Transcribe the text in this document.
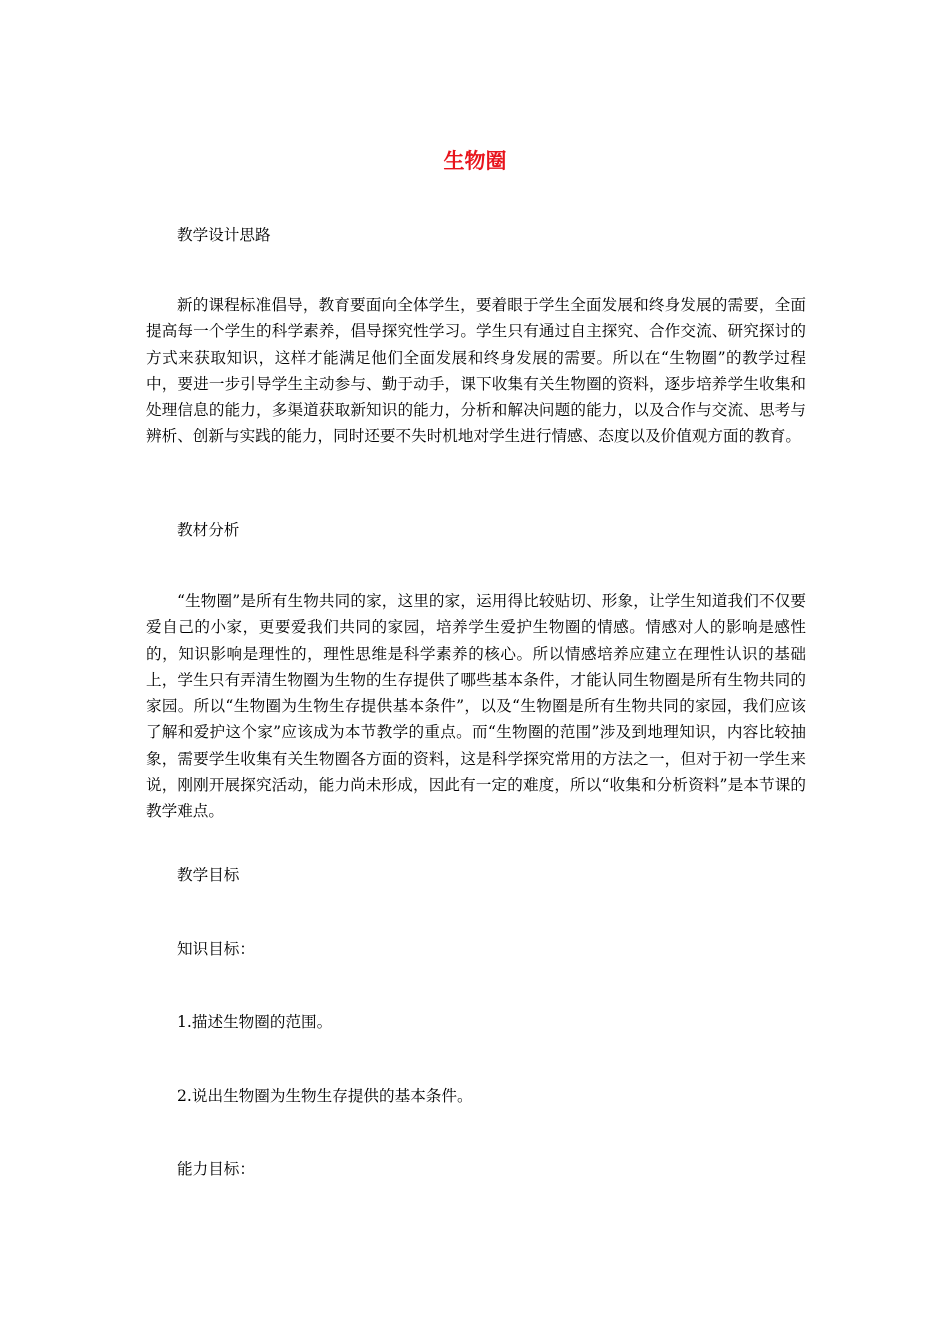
生物圈
教学设计思路
新的课程标准倡导，教育要面向全体学生，要着眼于学生全面发展和终身发展的需要，全面提高每一个学生的科学素养，倡导探究性学习。学生只有通过自主探究、合作交流、研究探讨的方式来获取知识，这样才能满足他们全面发展和终身发展的需要。所以在“生物圈”的教学过程中，要进一步引导学生主动参与、勤于动手，课下收集有关生物圈的资料，逐步培养学生收集和处理信息的能力，多渠道获取新知识的能力，分析和解决问题的能力，以及合作与交流、思考与辨析、创新与实践的能力，同时还要不失时机地对学生进行情感、态度以及价值观方面的教育。
教材分析
“生物圈”是所有生物共同的家，这里的家，运用得比较贴切、形象，让学生知道我们不仅要爱自己的小家，更要爱我们共同的家园，培养学生爱护生物圈的情感。情感对人的影响是感性的，知识影响是理性的，理性思维是科学素养的核心。所以情感培养应建立在理性认识的基础上，学生只有弄清生物圈为生物的生存提供了哪些基本条件，才能认同生物圈是所有生物共同的家园。所以“生物圈为生物生存提供基本条件”，以及“生物圈是所有生物共同的家园，我们应该了解和爱护这个家”应该成为本节教学的重点。而“生物圈的范围”涉及到地理知识，内容比较抽象，需要学生收集有关生物圈各方面的资料，这是科学探究常用的方法之一，但对于初一学生来说，刚刚开展探究活动，能力尚未形成，因此有一定的难度，所以“收集和分析资料”是本节课的教学难点。
教学目标
知识目标：
1.描述生物圈的范围。
2.说出生物圈为生物生存提供的基本条件。
能力目标：
